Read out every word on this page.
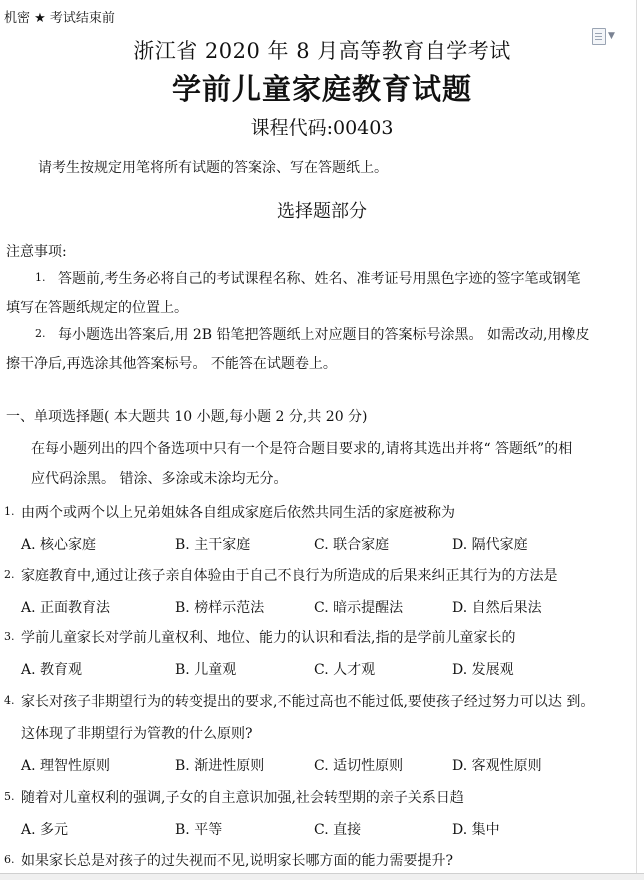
机密 ★ 考试结束前
▼
浙江省 2020 年 8 月高等教育自学考试
学前儿童家庭教育试题
课程代码:00403
请考生按规定用笔将所有试题的答案涂、写在答题纸上。
选择题部分
注意事项:
1. 答题前,考生务必将自己的考试课程名称、姓名、准考证号用黑色字迹的签字笔或钢笔
填写在答题纸规定的位置上。
2. 每小题选出答案后,用 2B 铅笔把答题纸上对应题目的答案标号涂黑。 如需改动,用橡皮
擦干净后,再选涂其他答案标号。 不能答在试题卷上。
一、单项选择题( 本大题共 10 小题,每小题 2 分,共 20 分)
在每小题列出的四个备选项中只有一个是符合题目要求的,请将其选出并将“ 答题纸”的相
应代码涂黑。 错涂、多涂或未涂均无分。
1. 由两个或两个以上兄弟姐妹各自组成家庭后依然共同生活的家庭被称为
A. 核心家庭	B. 主干家庭	C. 联合家庭	D. 隔代家庭
2. 家庭教育中,通过让孩子亲自体验由于自己不良行为所造成的后果来纠正其行为的方法是
A. 正面教育法	B. 榜样示范法	C. 暗示提醒法	D. 自然后果法
3. 学前儿童家长对学前儿童权利、地位、能力的认识和看法,指的是学前儿童家长的
A. 教育观	B. 儿童观	C. 人才观	D. 发展观
4. 家长对孩子非期望行为的转变提出的要求,不能过高也不能过低,要使孩子经过努力可以达 到。
这体现了非期望行为管教的什么原则?
A. 理智性原则	B. 渐进性原则	C. 适切性原则	D. 客观性原则
5. 随着对儿童权利的强调,子女的自主意识加强,社会转型期的亲子关系日趋
A. 多元	B. 平等	C. 直接	D. 集中
6. 如果家长总是对孩子的过失视而不见,说明家长哪方面的能力需要提升?
